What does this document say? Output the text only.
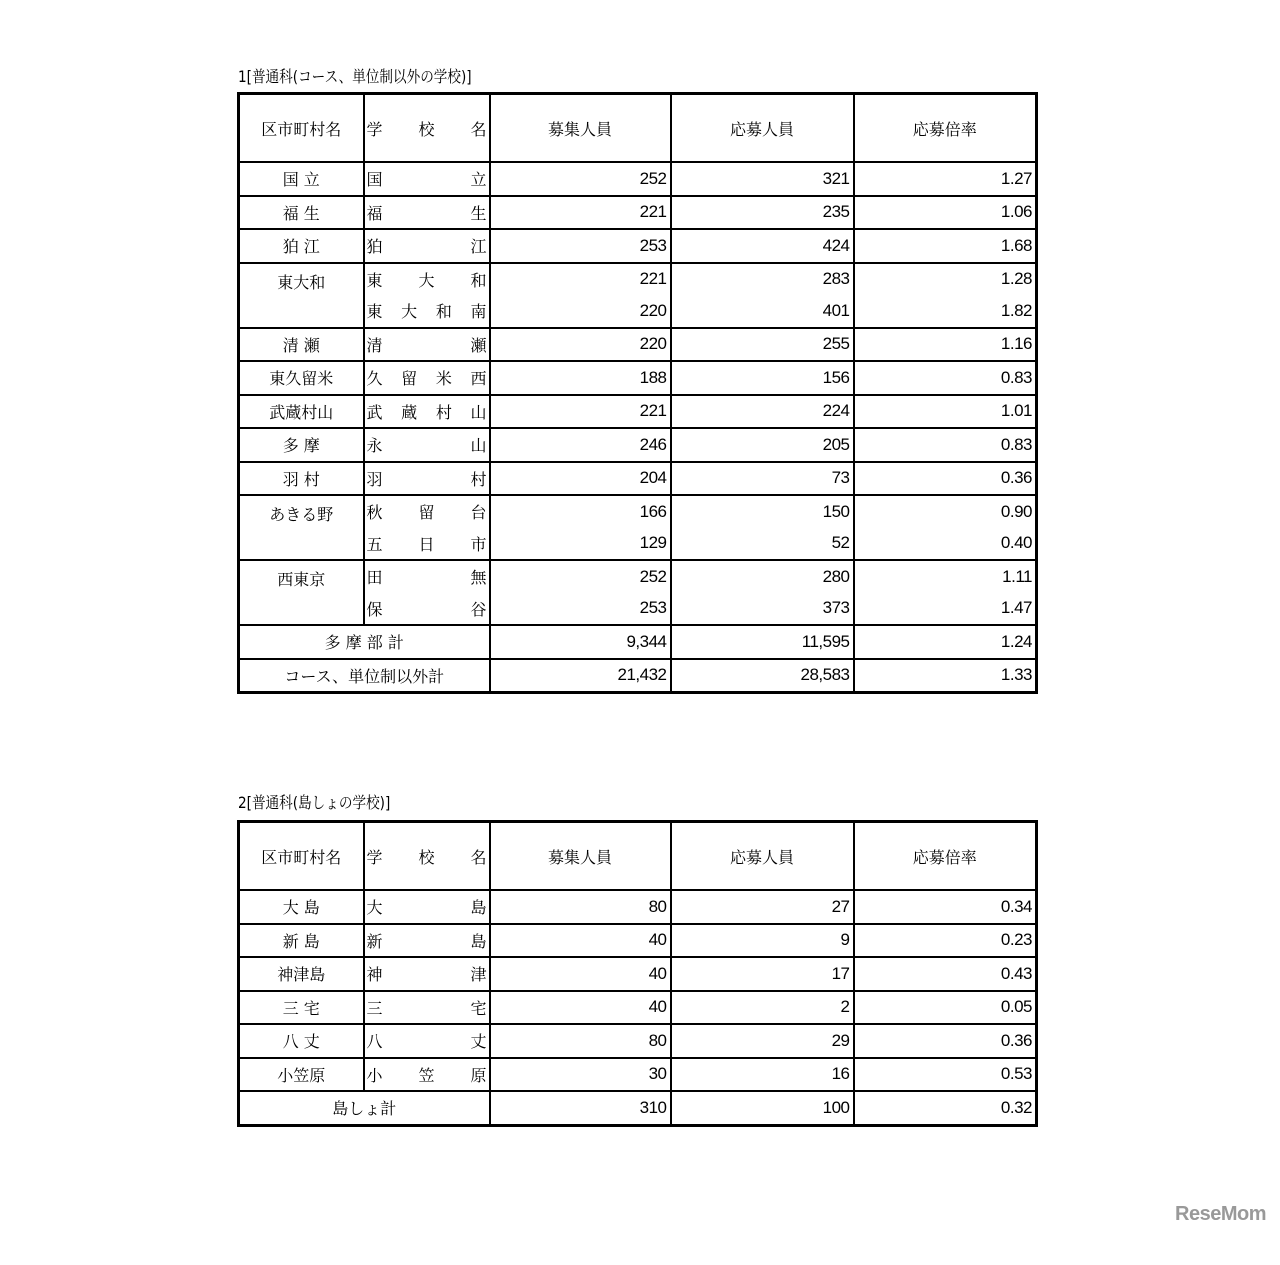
1[普通科(コース、単位制以外の学校)]
区市町村名	学 校 名	募集人員	応募人員	応募倍率
国 立	国立	252	321	1.27
福 生	福生	221	235	1.06
狛 江	狛江	253	424	1.68
東大和	東大和	221	283	1.28
	東大和南	220	401	1.82
清 瀬	清瀬	220	255	1.16
東久留米	久留米西	188	156	0.83
武蔵村山	武蔵村山	221	224	1.01
多 摩	永山	246	205	0.83
羽 村	羽村	204	73	0.36
あきる野	秋留台	166	150	0.90
	五日市	129	52	0.40
西東京	田無	252	280	1.11
	保谷	253	373	1.47
多 摩 部 計		9,344	11,595	1.24
コース、単位制以外計		21,432	28,583	1.33
2[普通科(島しょの学校)]
区市町村名	学 校 名	募集人員	応募人員	応募倍率
大 島	大島	80	27	0.34
新 島	新島	40	9	0.23
神津島	神津	40	17	0.43
三 宅	三宅	40	2	0.05
八 丈	八丈	80	29	0.36
小笠原	小笠原	30	16	0.53
島しょ計		310	100	0.32
ReseMom
